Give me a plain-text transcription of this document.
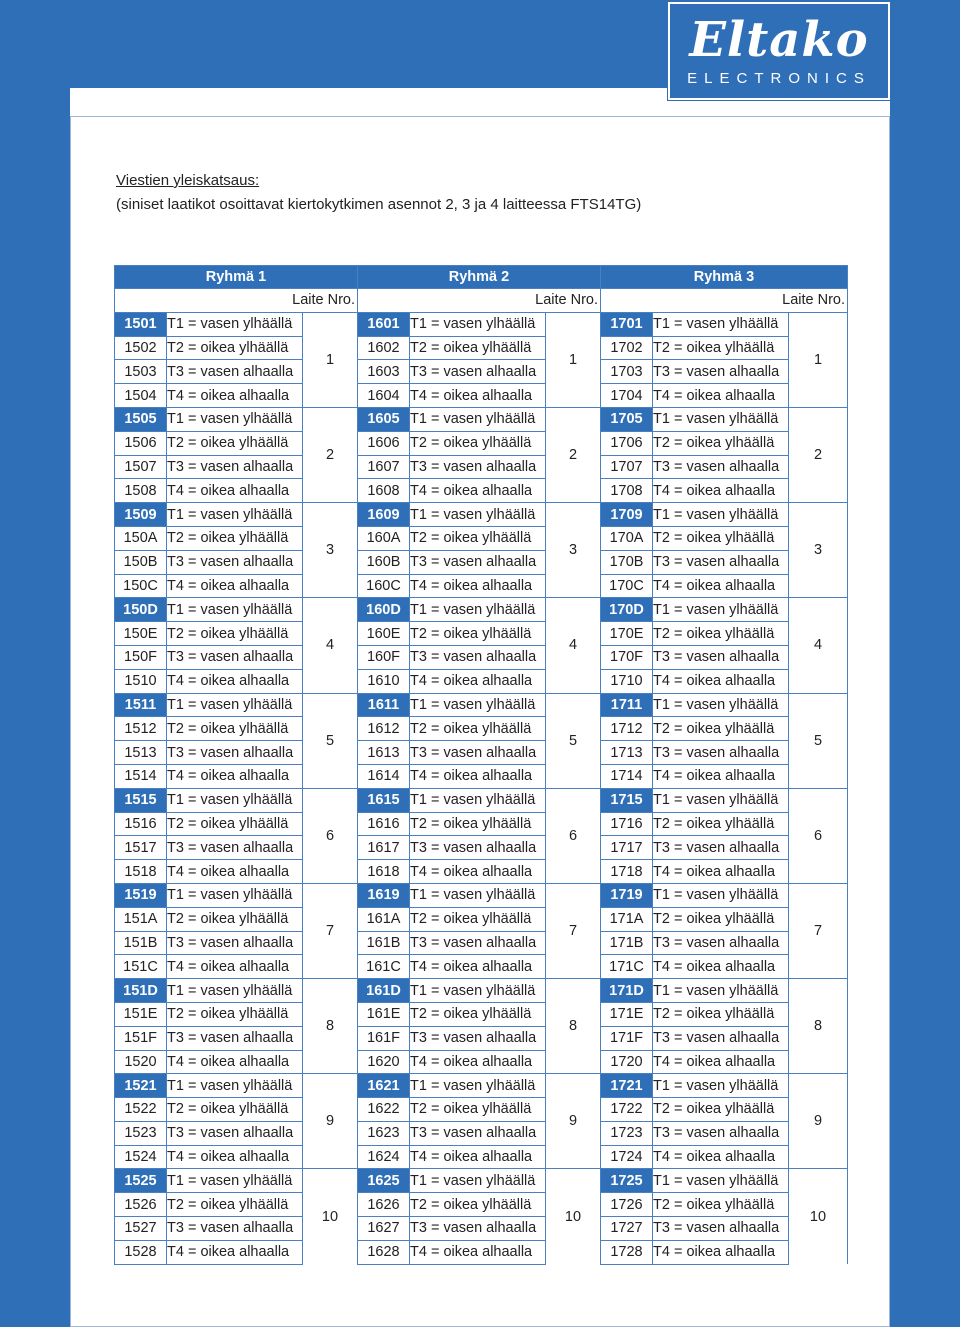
Eltako
ELECTRONICS
Viestien yleiskatsaus:
(siniset laatikot osoittavat kiertokytkimen asennot 2, 3 ja 4 laitteessa FTS14TG)
Ryhmä 1			Ryhmä 2			Ryhmä 3		
Laite Nro.			Laite Nro.			Laite Nro.		
1501	T1 = vasen ylhäällä	1	1601	T1 = vasen ylhäällä	1	1701	T1 = vasen ylhäällä	1
1502	T2 = oikea ylhäällä		1602	T2 = oikea ylhäällä		1702	T2 = oikea ylhäällä	
1503	T3 = vasen alhaalla		1603	T3 = vasen alhaalla		1703	T3 = vasen alhaalla	
1504	T4 = oikea alhaalla		1604	T4 = oikea alhaalla		1704	T4 = oikea alhaalla	
1505	T1 = vasen ylhäällä	2	1605	T1 = vasen ylhäällä	2	1705	T1 = vasen ylhäällä	2
1506	T2 = oikea ylhäällä		1606	T2 = oikea ylhäällä		1706	T2 = oikea ylhäällä	
1507	T3 = vasen alhaalla		1607	T3 = vasen alhaalla		1707	T3 = vasen alhaalla	
1508	T4 = oikea alhaalla		1608	T4 = oikea alhaalla		1708	T4 = oikea alhaalla	
1509	T1 = vasen ylhäällä	3	1609	T1 = vasen ylhäällä	3	1709	T1 = vasen ylhäällä	3
150A	T2 = oikea ylhäällä		160A	T2 = oikea ylhäällä		170A	T2 = oikea ylhäällä	
150B	T3 = vasen alhaalla		160B	T3 = vasen alhaalla		170B	T3 = vasen alhaalla	
150C	T4 = oikea alhaalla		160C	T4 = oikea alhaalla		170C	T4 = oikea alhaalla	
150D	T1 = vasen ylhäällä	4	160D	T1 = vasen ylhäällä	4	170D	T1 = vasen ylhäällä	4
150E	T2 = oikea ylhäällä		160E	T2 = oikea ylhäällä		170E	T2 = oikea ylhäällä	
150F	T3 = vasen alhaalla		160F	T3 = vasen alhaalla		170F	T3 = vasen alhaalla	
1510	T4 = oikea alhaalla		1610	T4 = oikea alhaalla		1710	T4 = oikea alhaalla	
1511	T1 = vasen ylhäällä	5	1611	T1 = vasen ylhäällä	5	1711	T1 = vasen ylhäällä	5
1512	T2 = oikea ylhäällä		1612	T2 = oikea ylhäällä		1712	T2 = oikea ylhäällä	
1513	T3 = vasen alhaalla		1613	T3 = vasen alhaalla		1713	T3 = vasen alhaalla	
1514	T4 = oikea alhaalla		1614	T4 = oikea alhaalla		1714	T4 = oikea alhaalla	
1515	T1 = vasen ylhäällä	6	1615	T1 = vasen ylhäällä	6	1715	T1 = vasen ylhäällä	6
1516	T2 = oikea ylhäällä		1616	T2 = oikea ylhäällä		1716	T2 = oikea ylhäällä	
1517	T3 = vasen alhaalla		1617	T3 = vasen alhaalla		1717	T3 = vasen alhaalla	
1518	T4 = oikea alhaalla		1618	T4 = oikea alhaalla		1718	T4 = oikea alhaalla	
1519	T1 = vasen ylhäällä	7	1619	T1 = vasen ylhäällä	7	1719	T1 = vasen ylhäällä	7
151A	T2 = oikea ylhäällä		161A	T2 = oikea ylhäällä		171A	T2 = oikea ylhäällä	
151B	T3 = vasen alhaalla		161B	T3 = vasen alhaalla		171B	T3 = vasen alhaalla	
151C	T4 = oikea alhaalla		161C	T4 = oikea alhaalla		171C	T4 = oikea alhaalla	
151D	T1 = vasen ylhäällä	8	161D	T1 = vasen ylhäällä	8	171D	T1 = vasen ylhäällä	8
151E	T2 = oikea ylhäällä		161E	T2 = oikea ylhäällä		171E	T2 = oikea ylhäällä	
151F	T3 = vasen alhaalla		161F	T3 = vasen alhaalla		171F	T3 = vasen alhaalla	
1520	T4 = oikea alhaalla		1620	T4 = oikea alhaalla		1720	T4 = oikea alhaalla	
1521	T1 = vasen ylhäällä	9	1621	T1 = vasen ylhäällä	9	1721	T1 = vasen ylhäällä	9
1522	T2 = oikea ylhäällä		1622	T2 = oikea ylhäällä		1722	T2 = oikea ylhäällä	
1523	T3 = vasen alhaalla		1623	T3 = vasen alhaalla		1723	T3 = vasen alhaalla	
1524	T4 = oikea alhaalla		1624	T4 = oikea alhaalla		1724	T4 = oikea alhaalla	
1525	T1 = vasen ylhäällä	10	1625	T1 = vasen ylhäällä	10	1725	T1 = vasen ylhäällä	10
1526	T2 = oikea ylhäällä		1626	T2 = oikea ylhäällä		1726	T2 = oikea ylhäällä	
1527	T3 = vasen alhaalla		1627	T3 = vasen alhaalla		1727	T3 = vasen alhaalla	
1528	T4 = oikea alhaalla		1628	T4 = oikea alhaalla		1728	T4 = oikea alhaalla	
16
